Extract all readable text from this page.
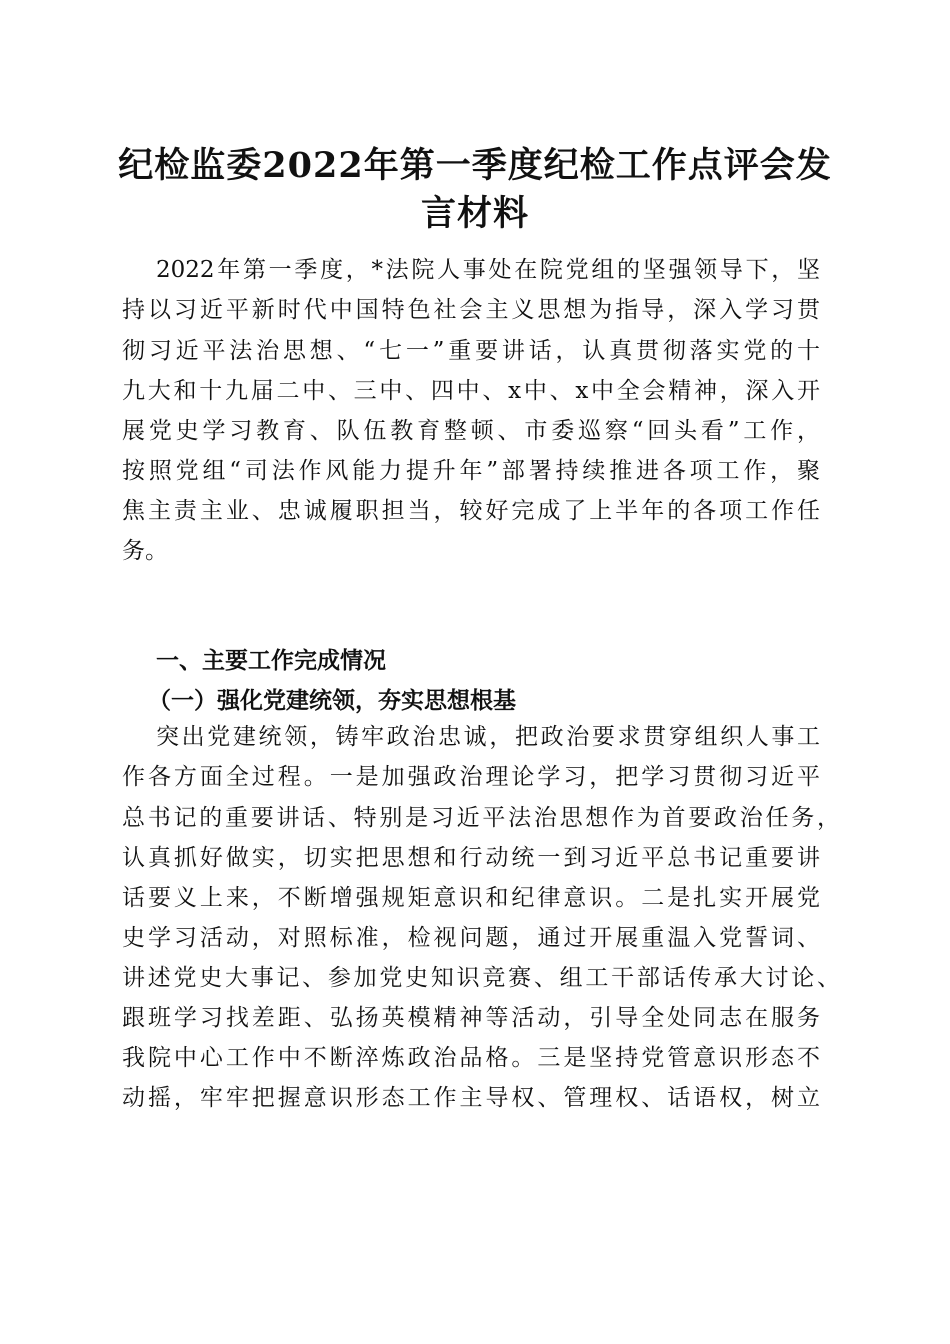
纪检监委2022年第一季度纪检工作点评会发
言材料
2022年第一季度，*法院人事处在院党组的坚强领导下，坚
持以习近平新时代中国特色社会主义思想为指导，深入学习贯
彻习近平法治思想、“七一”重要讲话，认真贯彻落实党的十
九大和十九届二中、三中、四中、x中、x中全会精神，深入开
展党史学习教育、队伍教育整顿、市委巡察“回头看”工作，
按照党组“司法作风能力提升年”部署持续推进各项工作，聚
焦主责主业、忠诚履职担当，较好完成了上半年的各项工作任
务。
一、主要工作完成情况
（一）强化党建统领，夯实思想根基
突出党建统领，铸牢政治忠诚，把政治要求贯穿组织人事工
作各方面全过程。一是加强政治理论学习，把学习贯彻习近平
总书记的重要讲话、特别是习近平法治思想作为首要政治任务，
认真抓好做实，切实把思想和行动统一到习近平总书记重要讲
话要义上来，不断增强规矩意识和纪律意识。二是扎实开展党
史学习活动，对照标准，检视问题，通过开展重温入党誓词、
讲述党史大事记、参加党史知识竞赛、组工干部话传承大讨论、
跟班学习找差距、弘扬英模精神等活动，引导全处同志在服务
我院中心工作中不断淬炼政治品格。三是坚持党管意识形态不
动摇，牢牢把握意识形态工作主导权、管理权、话语权，树立
